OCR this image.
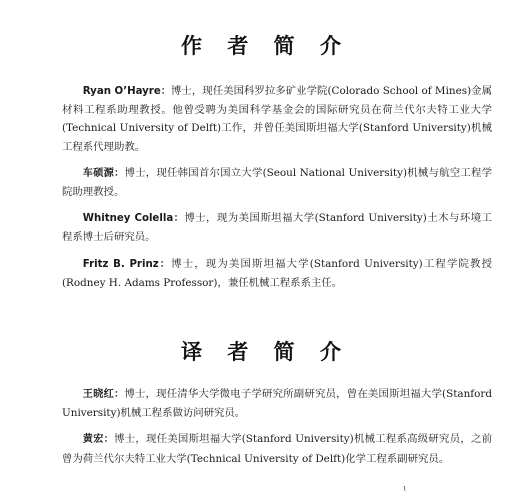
作 者 简 介

Ryan O’Hayre：博士，现任美国科罗拉多矿业学院(Colorado School of Mines)金属材料工程系助理教授。他曾受聘为美国科学基金会的国际研究员在荷兰代尔夫特工业大学(Technical University of Delft)工作，并曾任美国斯坦福大学(Stanford University)机械工程系代理助教。

车硕源：博士，现任韩国首尔国立大学(Seoul National University)机械与航空工程学院助理教授。

Whitney Colella：博士，现为美国斯坦福大学(Stanford University)土木与环境工程系博士后研究员。

Fritz B. Prinz：博士，现为美国斯坦福大学(Stanford University)工程学院教授(Rodney H. Adams Professor)，兼任机械工程系系主任。

译 者 简 介

王晓红：博士，现任清华大学微电子学研究所副研究员，曾在美国斯坦福大学(Stanford University)机械工程系做访问研究员。

黄宏：博士，现任美国斯坦福大学(Stanford University)机械工程系高级研究员，之前曾为荷兰代尔夫特工业大学(Technical University of Delft)化学工程系副研究员。

ɩ
